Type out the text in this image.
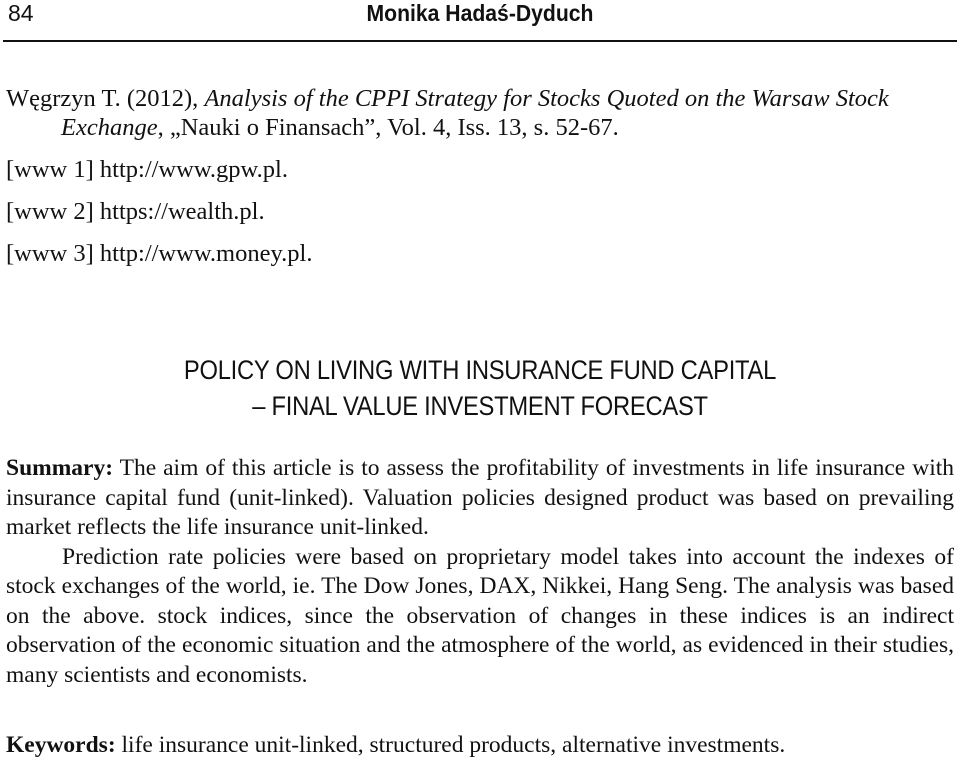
84	Monika Hadaś-Dyduch

Węgrzyn T. (2012), Analysis of the CPPI Strategy for Stocks Quoted on the Warsaw Stock Exchange, „Nauki o Finansach”, Vol. 4, Iss. 13, s. 52-67.

[www 1] http://www.gpw.pl.

[www 2] https://wealth.pl.

[www 3] http://www.money.pl.

POLICY ON LIVING WITH INSURANCE FUND CAPITAL
– FINAL VALUE INVESTMENT FORECAST

Summary: The aim of this article is to assess the profitability of investments in life insurance with insurance capital fund (unit-linked). Valuation policies designed product was based on prevailing market reflects the life insurance unit-linked.

Prediction rate policies were based on proprietary model takes into account the indexes of stock exchanges of the world, ie. The Dow Jones, DAX, Nikkei, Hang Seng. The analysis was based on the above. stock indices, since the observation of changes in these indices is an indirect observation of the economic situation and the atmosphere of the world, as evidenced in their studies, many scientists and economists.

Keywords: life insurance unit-linked, structured products, alternative investments.
